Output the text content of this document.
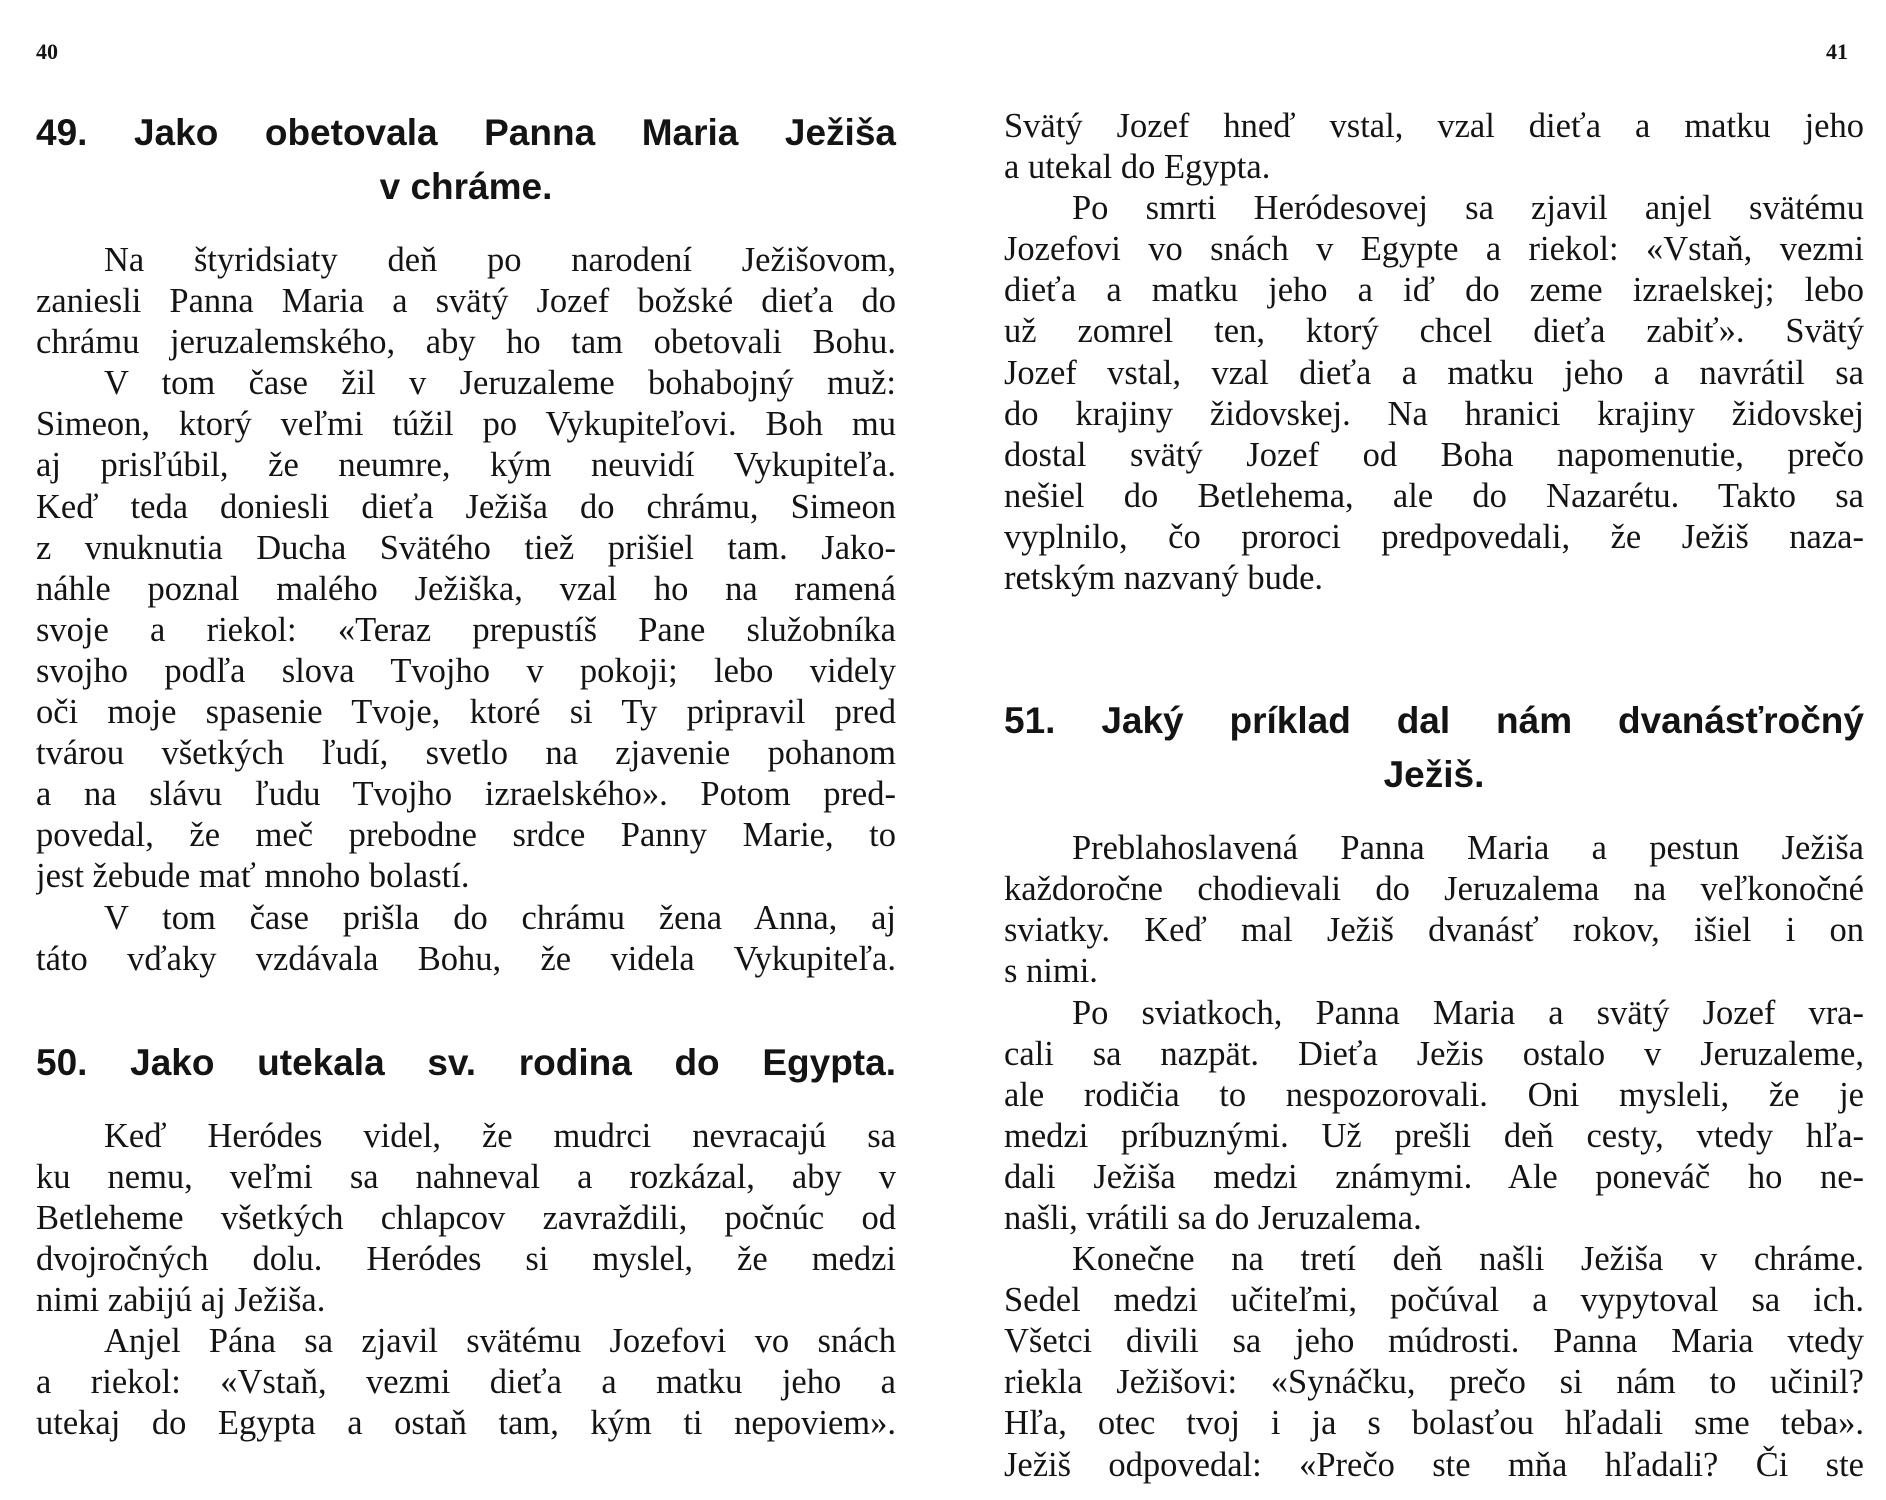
40	41
49. Jako obetovala Panna Maria Ježiša
v chráme.
Na štyridsiaty deň po narodení Ježišovom,
zaniesli Panna Maria a svätý Jozef božské dieťa do
chrámu jeruzalemského, aby ho tam obetovali Bohu.
V tom čase žil v Jeruzaleme bohabojný muž:
Simeon, ktorý veľmi túžil po Vykupiteľovi. Boh mu
aj prisľúbil, že neumre, kým neuvidí Vykupiteľa.
Keď teda doniesli dieťa Ježiša do chrámu, Simeon
z vnuknutia Ducha Svätého tiež prišiel tam. Jako-
náhle poznal malého Ježiška, vzal ho na ramená
svoje a riekol: «Teraz prepustíš Pane služobníka
svojho podľa slova Tvojho v pokoji; lebo videly
oči moje spasenie Tvoje, ktoré si Ty pripravil pred
tvárou všetkých ľudí, svetlo na zjavenie pohanom
a na slávu ľudu Tvojho izraelského». Potom pred-
povedal, že meč prebodne srdce Panny Marie, to
jest žebude mať mnoho bolastí.
V tom čase prišla do chrámu žena Anna, aj
táto vďaky vzdávala Bohu, že videla Vykupiteľa.
50. Jako utekala sv. rodina do Egypta.
Keď Heródes videl, že mudrci nevracajú sa
ku nemu, veľmi sa nahneval a rozkázal, aby v
Betleheme všetkých chlapcov zavraždili, počnúc od
dvojročných dolu. Heródes si myslel, že medzi
nimi zabijú aj Ježiša.
Anjel Pána sa zjavil svätému Jozefovi vo snách
a riekol: «Vstaň, vezmi dieťa a matku jeho a
utekaj do Egypta a ostaň tam, kým ti nepoviem».
Svätý Jozef hneď vstal, vzal dieťa a matku jeho
a utekal do Egypta.
Po smrti Heródesovej sa zjavil anjel svätému
Jozefovi vo snách v Egypte a riekol: «Vstaň, vezmi
dieťa a matku jeho a iď do zeme izraelskej; lebo
už zomrel ten, ktorý chcel dieťa zabiť». Svätý
Jozef vstal, vzal dieťa a matku jeho a navrátil sa
do krajiny židovskej. Na hranici krajiny židovskej
dostal svätý Jozef od Boha napomenutie, prečo
nešiel do Betlehema, ale do Nazarétu. Takto sa
vyplnilo, čo proroci predpovedali, že Ježiš naza-
retským nazvaný bude.
51. Jaký príklad dal nám dvanásťročný
Ježiš.
Preblahoslavená Panna Maria a pestun Ježiša
každoročne chodievali do Jeruzalema na veľkonočné
sviatky. Keď mal Ježiš dvanásť rokov, išiel i on
s nimi.
Po sviatkoch, Panna Maria a svätý Jozef vra-
cali sa nazpät. Dieťa Ježis ostalo v Jeruzaleme,
ale rodičia to nespozorovali. Oni mysleli, že je
medzi príbuznými. Už prešli deň cesty, vtedy hľa-
dali Ježiša medzi známymi. Ale poneváč ho ne-
našli, vrátili sa do Jeruzalema.
Konečne na tretí deň našli Ježiša v chráme.
Sedel medzi učiteľmi, počúval a vypytoval sa ich.
Všetci divili sa jeho múdrosti. Panna Maria vtedy
riekla Ježišovi: «Synáčku, prečo si nám to učinil?
Hľa, otec tvoj i ja s bolasťou hľadali sme teba».
Ježiš odpovedal: «Prečo ste mňa hľadali? Či ste
